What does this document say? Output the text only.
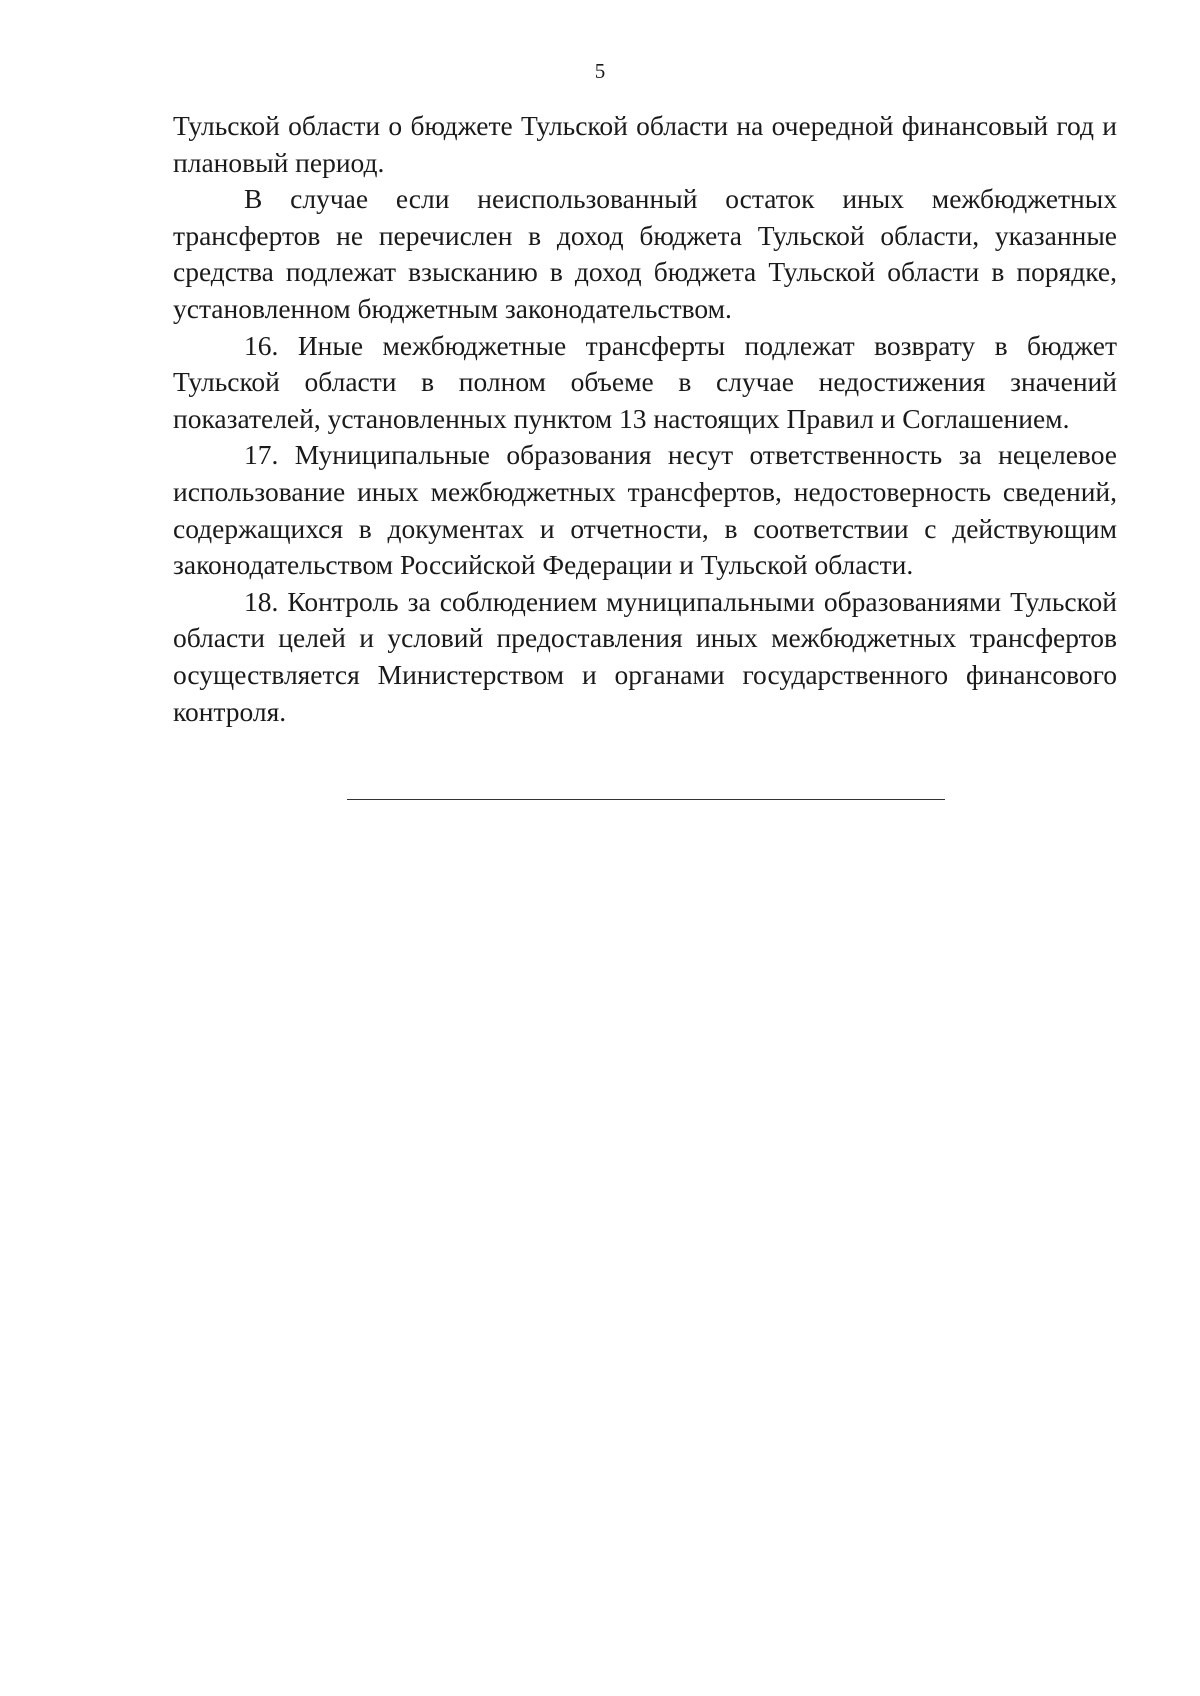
5

Тульской области о бюджете Тульской области на очередной финансовый год и плановый период.

В случае если неиспользованный остаток иных межбюджетных трансфертов не перечислен в доход бюджета Тульской области, указанные средства подлежат взысканию в доход бюджета Тульской области в порядке, установленном бюджетным законодательством.

16. Иные межбюджетные трансферты подлежат возврату в бюджет Тульской области в полном объеме в случае недостижения значений показателей, установленных пунктом 13 настоящих Правил и Соглашением.

17. Муниципальные образования несут ответственность за нецелевое использование иных межбюджетных трансфертов, недостоверность сведений, содержащихся в документах и отчетности, в соответствии с действующим законодательством Российской Федерации и Тульской области.

18. Контроль за соблюдением муниципальными образованиями Тульской области целей и условий предоставления иных межбюджетных трансфертов осуществляется Министерством и органами государственного финансового контроля.
